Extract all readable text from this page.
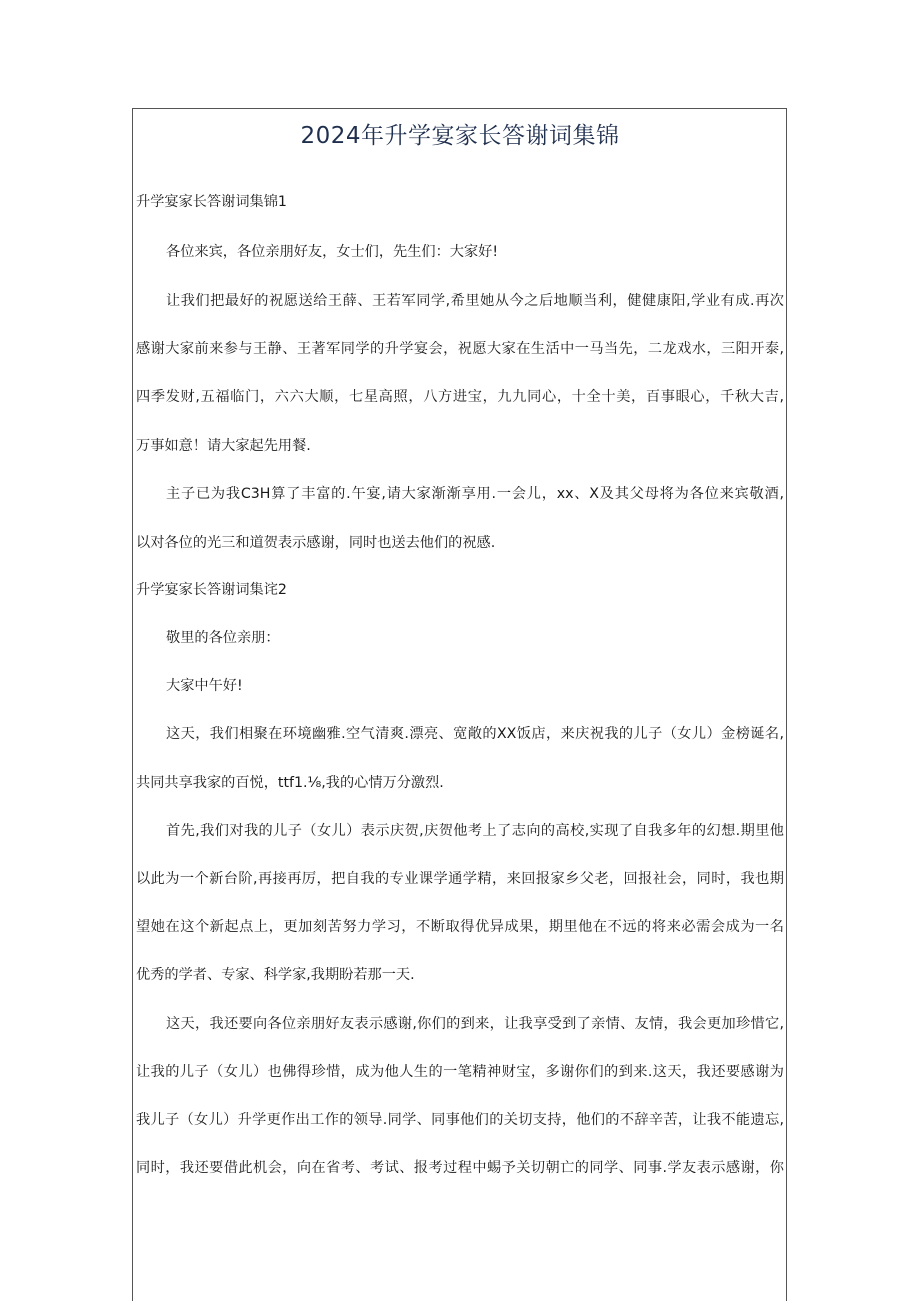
2024年升学宴家长答谢词集锦
升学宴家长答谢词集锦1
各位来宾，各位亲朋好友，女士们，先生们：大家好!
让我们把最好的祝愿送给王薛、王若军同学,希里她从今之后地顺当利，健健康阳,学业有成.再次
感谢大家前来参与王静、王著军同学的升学宴会，祝愿大家在生活中一马当先，二龙戏水，三阳开泰,
四季发财,五福临门，六六大顺，七星高照，八方进宝，九九同心，十全十美，百事眼心，千秋大吉,
万事如意！请大家起先用餐.
主子已为我C3H算了丰富的.午宴,请大家渐渐享用.一会儿，xx、X及其父母将为各位来宾敬酒,
以对各位的光三和道贺表示感谢，同时也送去他们的祝感.
升学宴家长答谢词集诧2
敬里的各位亲朋：
大家中午好!
这天，我们相聚在环境幽雅.空气清爽.漂亮、宽敞的XX饭店，来庆祝我的儿子（女儿）金榜诞名,
共同共享我家的百悦，ttf1.⅛,我的心情万分激烈.
首先,我们对我的儿子（女儿）表示庆贺,庆贺他考上了志向的高校,实现了自我多年的幻想.期里他
以此为一个新台阶,再接再厉，把自我的专业课学通学精，来回报家乡父老，回报社会，同时，我也期
望她在这个新起点上，更加刻苦努力学习，不断取得优异成果，期里他在不远的将来必需会成为一名
优秀的学者、专家、科学家,我期盼若那一天.
这天，我还要向各位亲朋好友表示感谢,你们的到来，让我享受到了亲情、友情，我会更加珍惜它,
让我的儿子（女儿）也佛得珍惜，成为他人生的一笔精神财宝，多谢你们的到来.这天，我还要感谢为
我儿子（女儿）升学更作出工作的领导.同学、同事他们的关切支持，他们的不辞辛苦，让我不能遗忘,
同时，我还要借此机会，向在省考、考试、报考过程中蜴予关切朝亡的同学、同事.学友表示感谢，你
